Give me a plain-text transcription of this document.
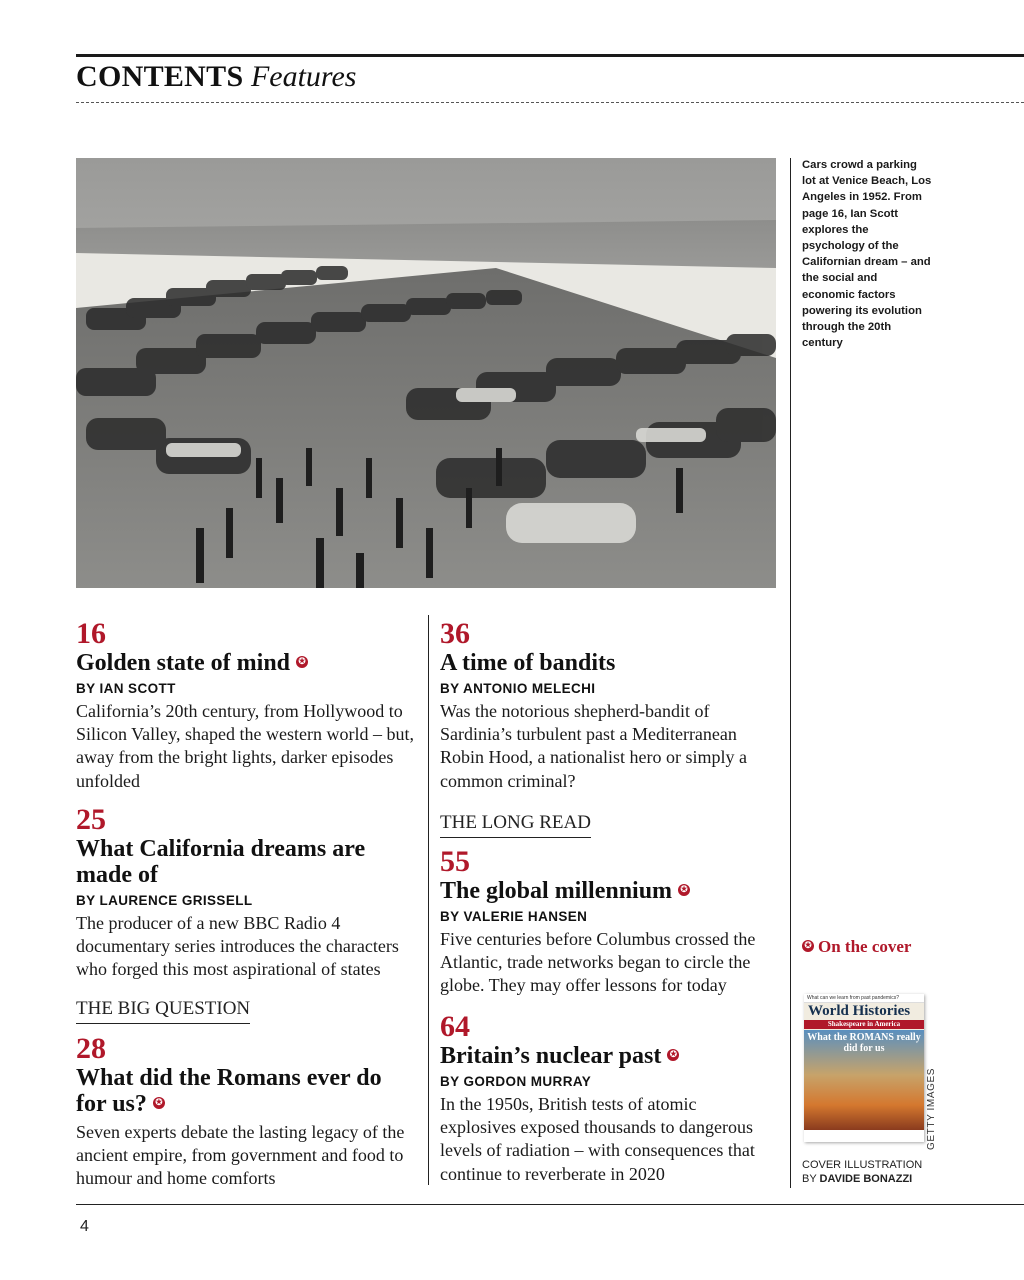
CONTENTS Features
Cars crowd a parking lot at Venice Beach, Los Angeles in 1952. From page 16, Ian Scott explores the psychology of the Californian dream – and the social and economic factors powering its evolution through the 20th century
16
Golden state of mind ✪
BY IAN SCOTT
California’s 20th century, from Hollywood to Silicon Valley, shaped the western world – but, away from the bright lights, darker episodes unfolded
25
What California dreams are made of
BY LAURENCE GRISSELL
The producer of a new BBC Radio 4 documentary series introduces the characters who forged this most aspirational of states
THE BIG QUESTION
28
What did the Romans ever do for us? ✪
Seven experts debate the lasting legacy of the ancient empire, from government and food to humour and home comforts
36
A time of bandits
BY ANTONIO MELECHI
Was the notorious shepherd-bandit of Sardinia’s turbulent past a Mediterranean Robin Hood, a nationalist hero or simply a common criminal?
THE LONG READ
55
The global millennium ✪
BY VALERIE HANSEN
Five centuries before Columbus crossed the Atlantic, trade networks began to circle the globe. They may offer lessons for today
64
Britain’s nuclear past ✪
BY GORDON MURRAY
In the 1950s, British tests of atomic explosives exposed thousands to dangerous levels of radiation – with consequences that continue to reverberate in 2020
✪ On the cover
What can we learn from past pandemics?
World Histories
Shakespeare in America
What the ROMANS really did for us
COVER ILLUSTRATION
BY DAVIDE BONAZZI
GETTY IMAGES
4
